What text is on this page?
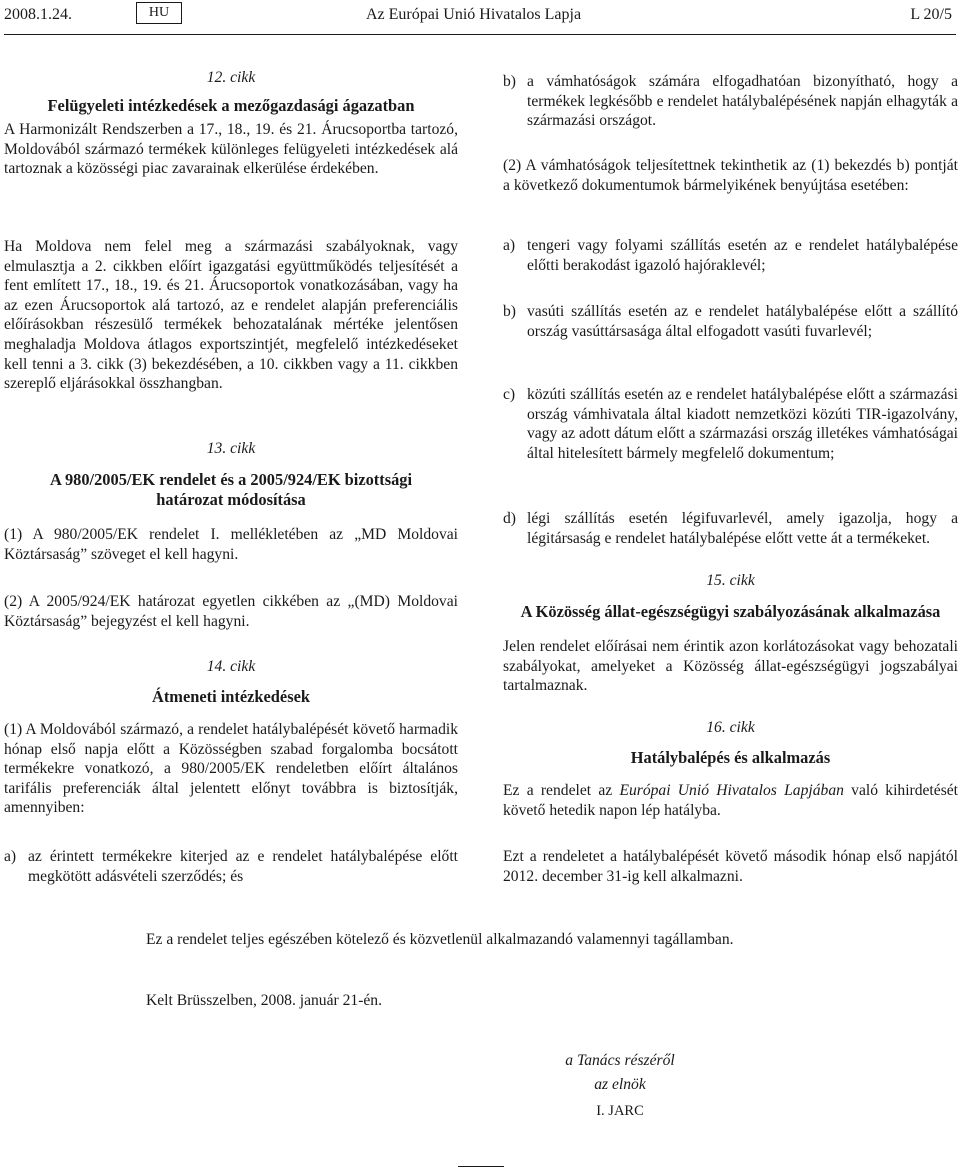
2008.1.24.	HU	Az Európai Unió Hivatalos Lapja	L 20/5
12. cikk
Felügyeleti intézkedések a mezőgazdasági ágazatban

A Harmonizált Rendszerben a 17., 18., 19. és 21. Árucsoportba tartozó, Moldovából származó termékek különleges felügyeleti intézkedések alá tartoznak a közösségi piac zavarainak elkerülése érdekében.

Ha Moldova nem felel meg a származási szabályoknak, vagy elmulasztja a 2. cikkben előírt igazgatási együttműködés teljesítését a fent említett 17., 18., 19. és 21. Árucsoportok vonatkozásában, vagy ha az ezen Árucsoportok alá tartozó, az e rendelet alapján preferenciális előírásokban részesülő termékek behozatalának mértéke jelentősen meghaladja Moldova átlagos exportszintjét, megfelelő intézkedéseket kell tenni a 3. cikk (3) bekezdésében, a 10. cikkben vagy a 11. cikkben szereplő eljárásokkal összhangban.

13. cikk
A 980/2005/EK rendelet és a 2005/924/EK bizottsági
határozat módosítása

(1) A 980/2005/EK rendelet I. mellékletében az „MD Moldovai Köztársaság” szöveget el kell hagyni.

(2) A 2005/924/EK határozat egyetlen cikkében az „(MD) Moldovai Köztársaság” bejegyzést el kell hagyni.

14. cikk
Átmeneti intézkedések

(1) A Moldovából származó, a rendelet hatálybalépését követő harmadik hónap első napja előtt a Közösségben szabad forgalomba bocsátott termékekre vonatkozó, a 980/2005/EK rendeletben előírt általános tarifális preferenciák által jelentett előnyt továbbra is biztosítják, amennyiben:

a) az érintett termékekre kiterjed az e rendelet hatálybalépése előtt megkötött adásvételi szerződés; és
b) a vámhatóságok számára elfogadhatóan bizonyítható, hogy a termékek legkésőbb e rendelet hatálybalépésének napján elhagyták a származási országot.

(2) A vámhatóságok teljesítettnek tekinthetik az (1) bekezdés b) pontját a következő dokumentumok bármelyikének benyújtása esetében:

a) tengeri vagy folyami szállítás esetén az e rendelet hatálybalépése előtti berakodást igazoló hajóraklevél;
b) vasúti szállítás esetén az e rendelet hatálybalépése előtt a szállító ország vasúttársasága által elfogadott vasúti fuvarlevél;
c) közúti szállítás esetén az e rendelet hatálybalépése előtt a származási ország vámhivatala által kiadott nemzetközi közúti TIR-igazolvány, vagy az adott dátum előtt a származási ország illetékes vámhatóságai által hitelesített bármely megfelelő dokumentum;
d) légi szállítás esetén légifuvarlevél, amely igazolja, hogy a légitársaság e rendelet hatálybalépése előtt vette át a termékeket.
15. cikk
A Közösség állat-egészségügyi szabályozásának alkalmazása

Jelen rendelet előírásai nem érintik azon korlátozásokat vagy behozatali szabályokat, amelyeket a Közösség állat-egészségügyi jogszabályai tartalmaznak.

16. cikk
Hatálybalépés és alkalmazás

Ez a rendelet az Európai Unió Hivatalos Lapjában való kihirdetését követő hetedik napon lép hatályba.

Ezt a rendeletet a hatálybalépését követő második hónap első napjától 2012. december 31-ig kell alkalmazni.

Ez a rendelet teljes egészében kötelező és közvetlenül alkalmazandó valamennyi tagállamban.
Kelt Brüsszelben, 2008. január 21-én.
a Tanács részéről
az elnök
I. JARC
